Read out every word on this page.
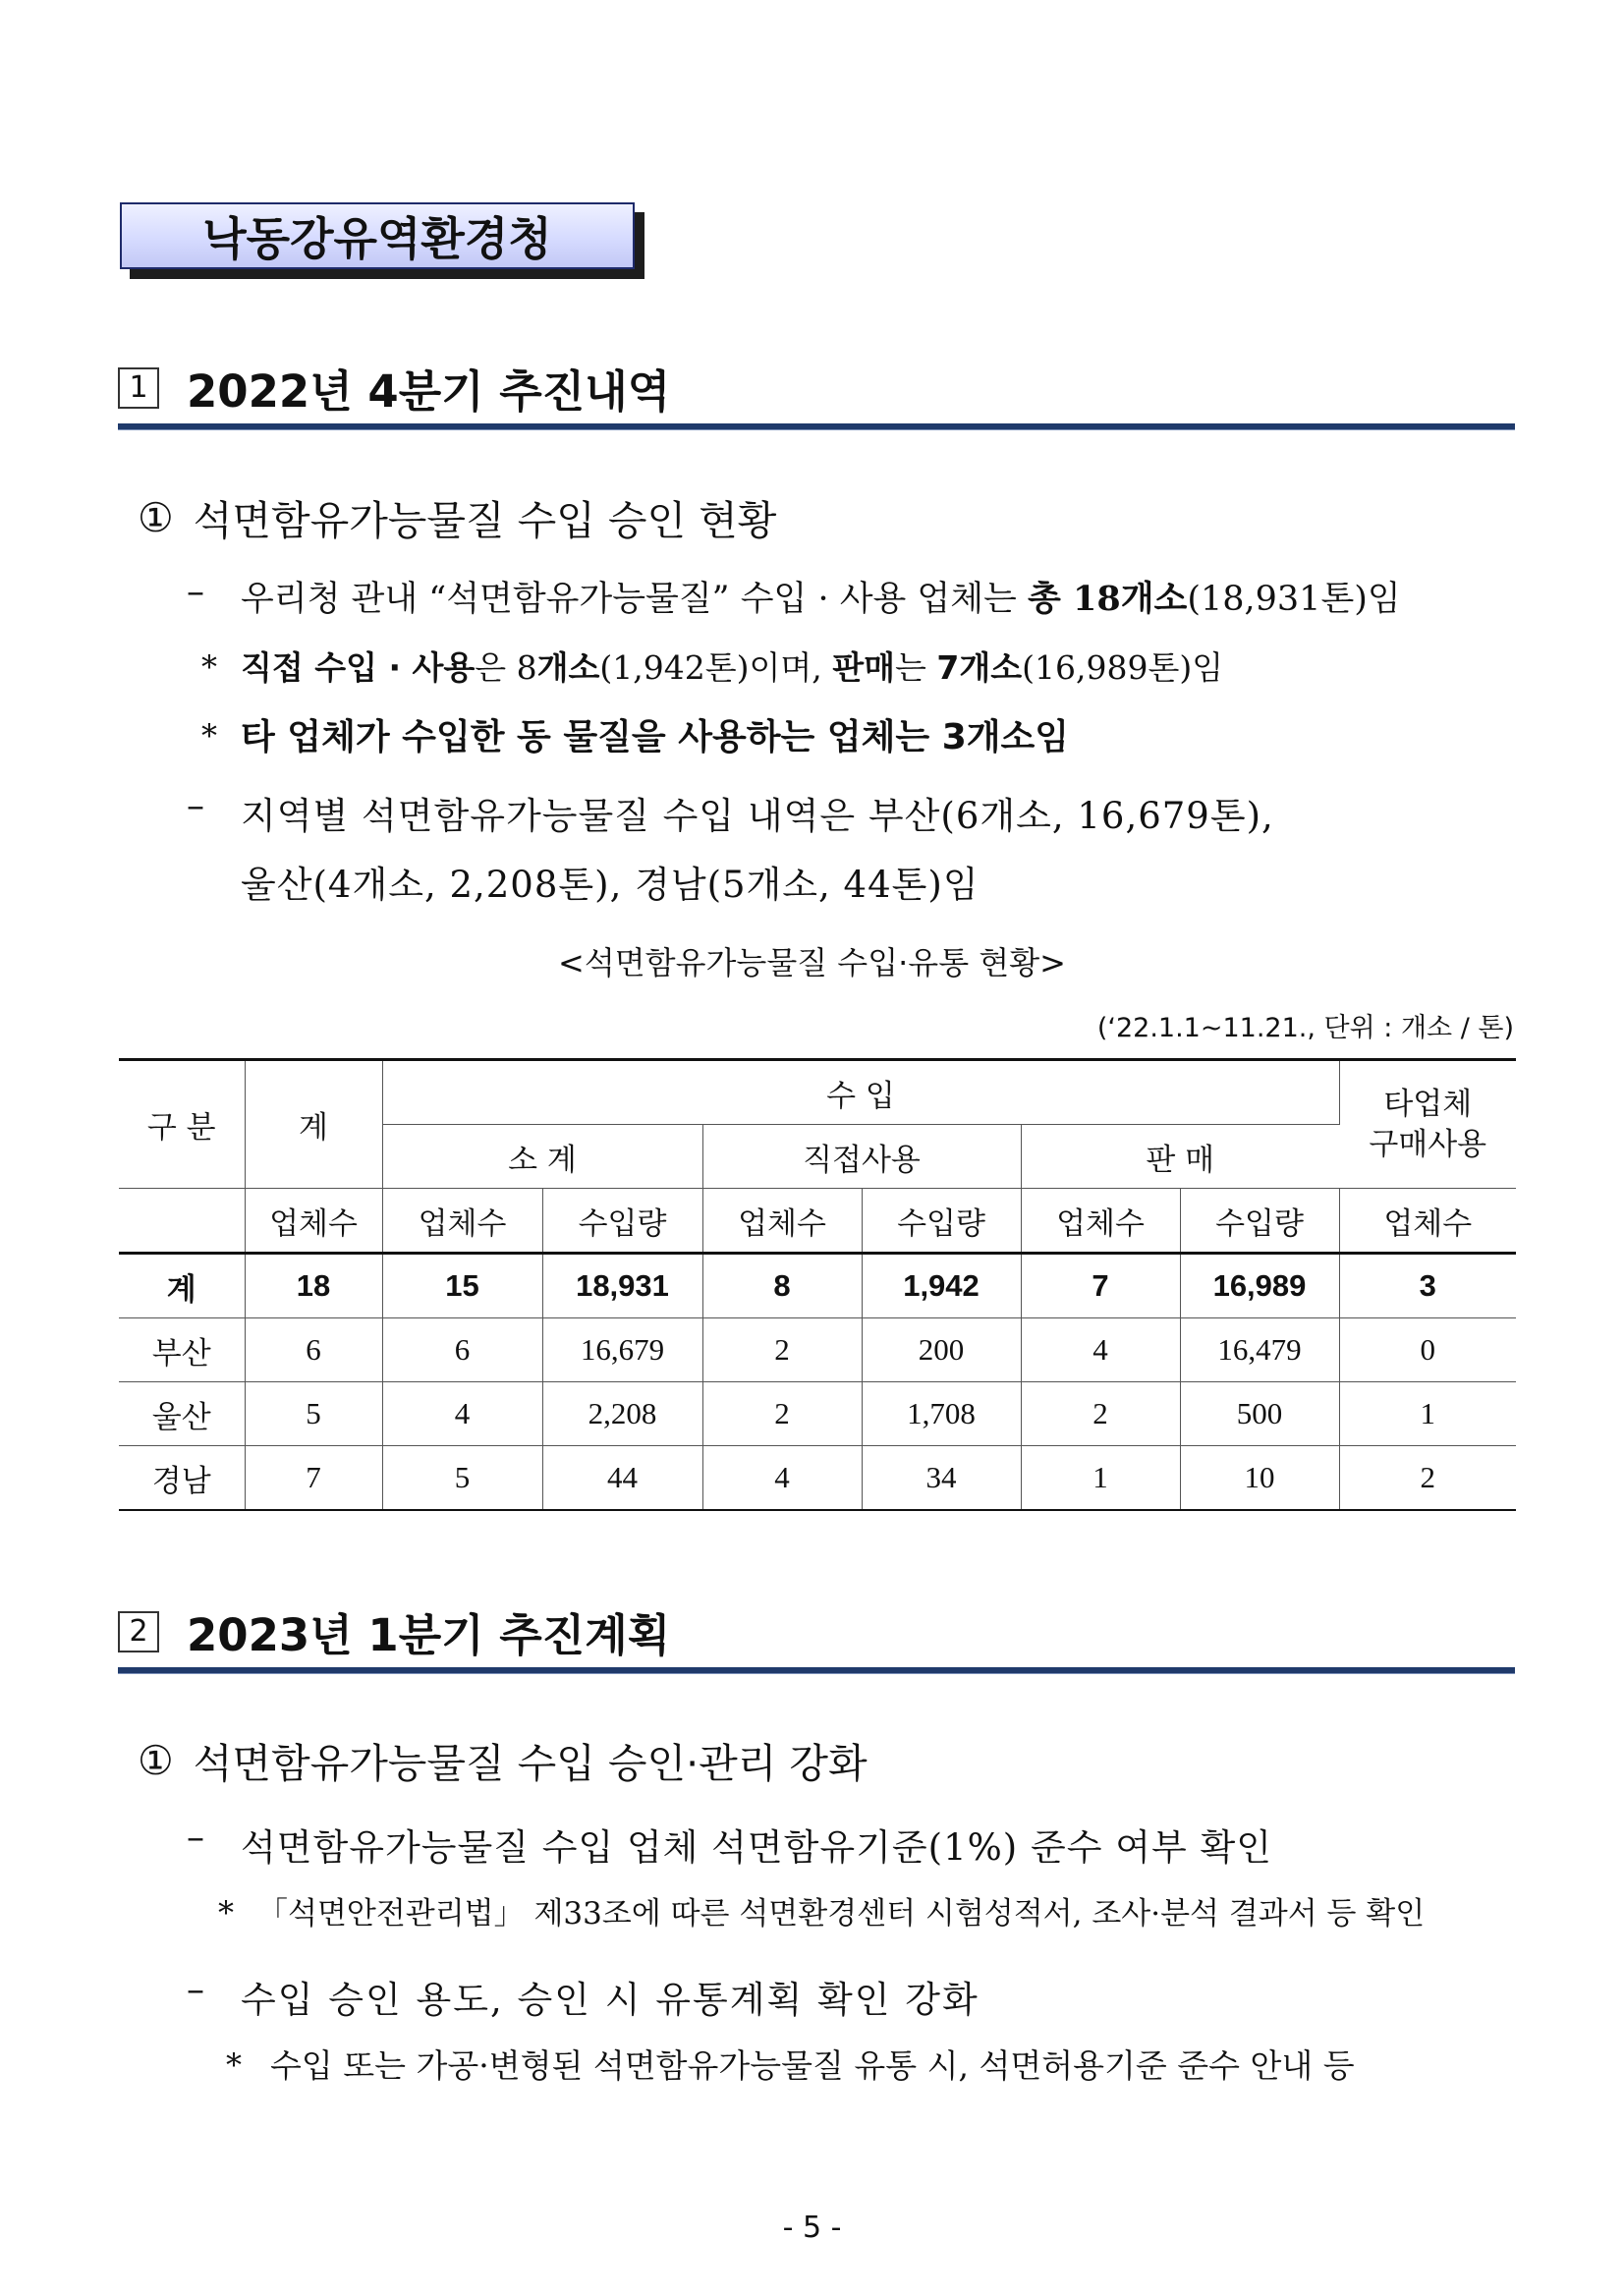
낙동강유역환경청
1 2022년 4분기 추진내역
① 석면함유가능물질 수입 승인 현황
– 우리청 관내 “석면함유가능물질” 수입 · 사용 업체는 총 18개소(18,931톤)임
* 직접 수입 · 사용은 8개소(1,942톤)이며, 판매는 7개소(16,989톤)임
* 타 업체가 수입한 동 물질을 사용하는 업체는 3개소임
– 지역별 석면함유가능물질 수입 내역은 부산(6개소, 16,679톤),
울산(4개소, 2,208톤), 경남(5개소, 44톤)임
<석면함유가능물질 수입·유통 현황>
(‘22.1.1~11.21., 단위 : 개소 / 톤)
구 분	계	수 입						타업체
구매사용
		소 계		직접사용		판 매		
	업체수	업체수	수입량	업체수	수입량	업체수	수입량	업체수
계	18	15	18,931	8	1,942	7	16,989	3
부산	6	6	16,679	2	200	4	16,479	0
울산	5	4	2,208	2	1,708	2	500	1
경남	7	5	44	4	34	1	10	2
2 2023년 1분기 추진계획
① 석면함유가능물질 수입 승인·관리 강화
– 석면함유가능물질 수입 업체 석면함유기준(1%) 준수 여부 확인
* 「석면안전관리법」 제33조에 따른 석면환경센터 시험성적서, 조사·분석 결과서 등 확인
– 수입 승인 용도, 승인 시 유통계획 확인 강화
* 수입 또는 가공·변형된 석면함유가능물질 유통 시, 석면허용기준 준수 안내 등
- 5 -
